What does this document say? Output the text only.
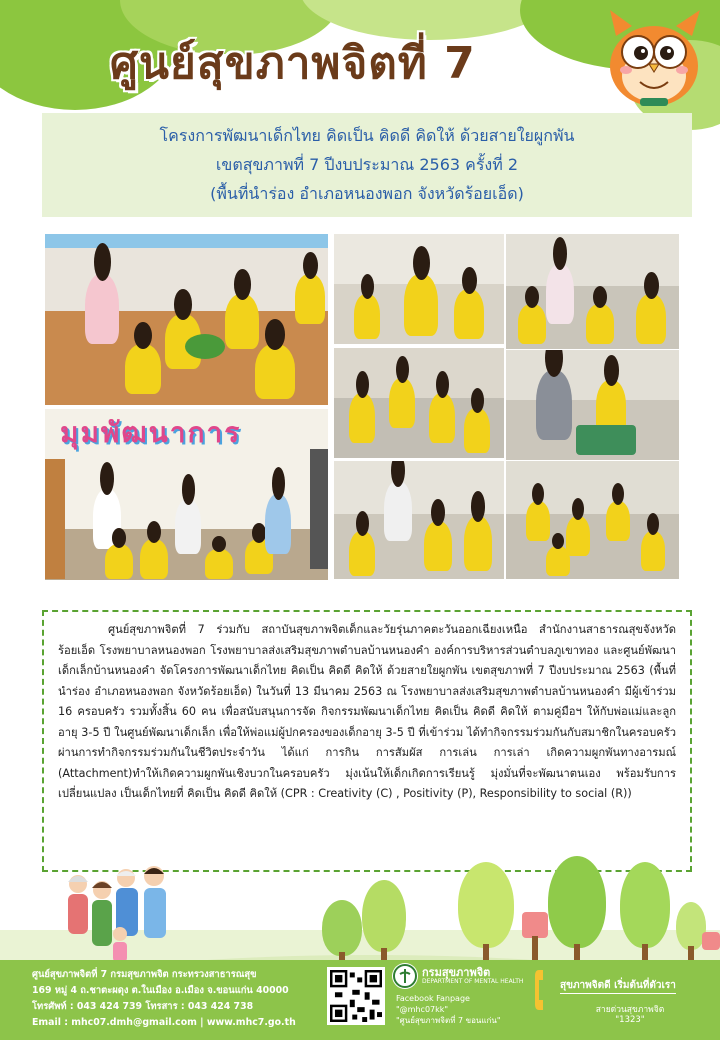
ศูนย์สุขภาพจิตที่ 7
โครงการพัฒนาเด็กไทย คิดเป็น คิดดี คิดให้ ด้วยสายใยผูกพัน
เขตสุขภาพที่ 7 ปีงบประมาณ 2563 ครั้งที่ 2
(พื้นที่นำร่อง อำเภอหนองพอก จังหวัดร้อยเอ็ด)
มุมพัฒนาการ

ศูนย์สุขภาพจิตที่ 7 ร่วมกับ สถาบันสุขภาพจิตเด็กและวัยรุ่นภาคตะวันออกเฉียงเหนือ สำนักงานสาธารณสุขจังหวัดร้อยเอ็ด โรงพยาบาลหนองพอก โรงพยาบาลส่งเสริมสุขภาพตำบลบ้านหนองคำ องค์การบริหารส่วนตำบลภูเขาทอง และศูนย์พัฒนาเด็กเล็กบ้านหนองคำ จัดโครงการพัฒนาเด็กไทย คิดเป็น คิดดี คิดให้ ด้วยสายใยผูกพัน เขตสุขภาพที่ 7 ปีงบประมาณ 2563 (พื้นที่นำร่อง อำเภอหนองพอก จังหวัดร้อยเอ็ด) ในวันที่ 13 มีนาคม 2563 ณ โรงพยาบาลส่งเสริมสุขภาพตำบลบ้านหนองคำ มีผู้เข้าร่วม 16 ครอบครัว รวมทั้งสิ้น 60 คน เพื่อสนับสนุนการจัด กิจกรรมพัฒนาเด็กไทย คิดเป็น คิดดี คิดให้ ตามคู่มือฯ ให้กับพ่อแม่และลูกอายุ 3-5 ปี ในศูนย์พัฒนาเด็กเล็ก เพื่อให้พ่อแม่ผู้ปกครองของเด็กอายุ 3-5 ปี ที่เข้าร่วม ได้ทำกิจกรรมร่วมกันกับสมาชิกในครอบครัว ผ่านการทำกิจกรรมร่วมกันในชีวิตประจำวัน ได้แก่ การกิน การสัมผัส การเล่น การเล่า เกิดความผูกพันทางอารมณ์ (Attachment)ทำให้เกิดความผูกพันเชิงบวกในครอบครัว มุ่งเน้นให้เด็กเกิดการเรียนรู้ มุ่งมั่นที่จะพัฒนาตนเอง พร้อมรับการเปลี่ยนแปลง เป็นเด็กไทยที่ คิดเป็น คิดดี คิดให้ (CPR : Creativity (C) , Positivity (P), Responsibility to social (R))

ศูนย์สุขภาพจิตที่ 7 กรมสุขภาพจิต กระทรวงสาธารณสุข
169 หมู่ 4 ถ.ชาตะผดุง ต.ในเมือง อ.เมือง จ.ขอนแก่น 40000
โทรศัพท์ : 043 424 739 โทรสาร : 043 424 738
Email : mhc07.dmh@gmail.com | www.mhc7.go.th
กรมสุขภาพจิต
DEPARTMENT OF MENTAL HEALTH
Facebook Fanpage
"@mhc07kk"
"ศูนย์สุขภาพจิตที่ 7 ขอนแก่น"
สุขภาพจิตดี เริ่มต้นที่ตัวเรา
สายด่วนสุขภาพจิต
"1323"
